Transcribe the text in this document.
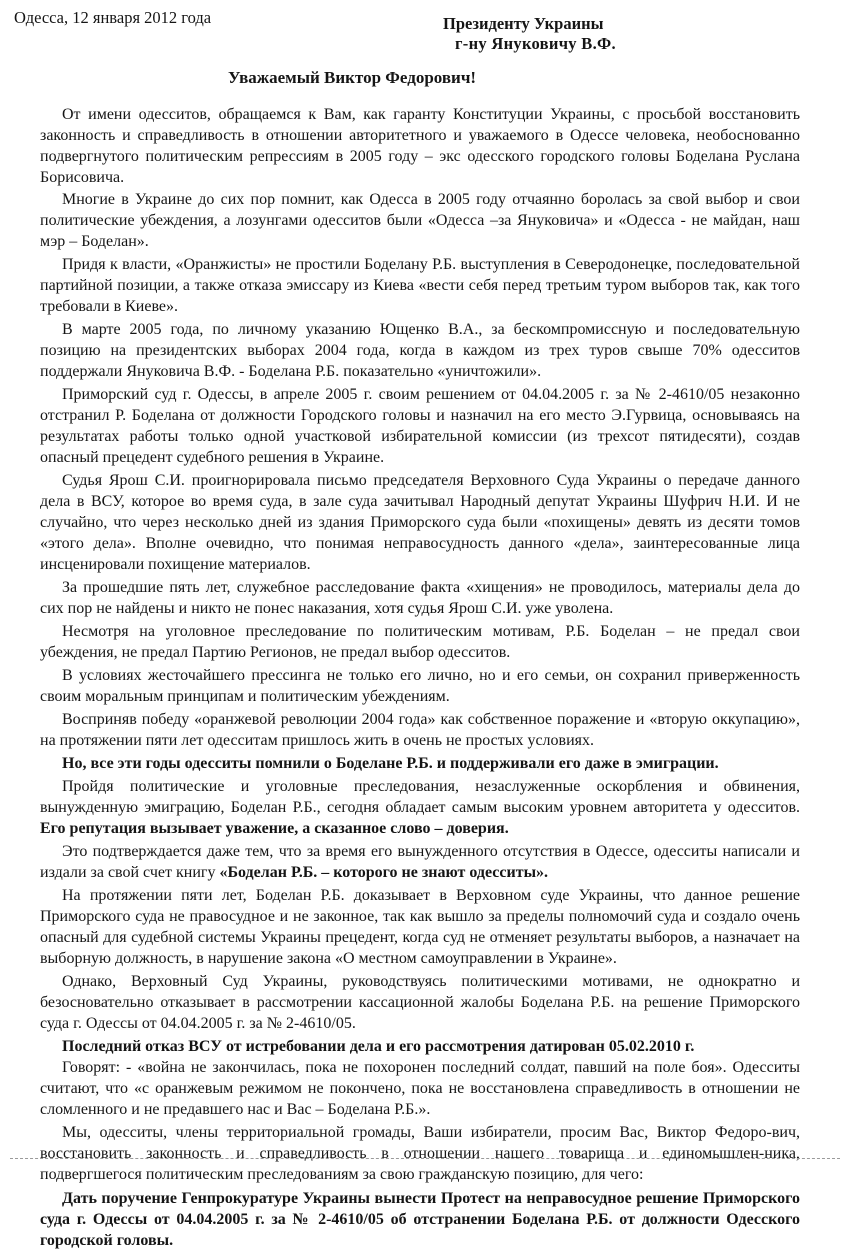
Одесса, 12 января 2012 года	Президенту Украины
г-ну Януковичу В.Ф.
Уважаемый Виктор Федорович!

От имени одесситов, обращаемся к Вам, как гаранту Конституции Украины, с просьбой восстановить законность и справедливость в отношении авторитетного и уважаемого в Одессе человека, необоснованно подвергнутого политическим репрессиям в 2005 году – экс одесского городского головы Боделана Руслана Борисовича.

Многие в Украине до сих пор помнит, как Одесса в 2005 году отчаянно боролась за свой выбор и свои политические убеждения, а лозунгами одесситов были «Одесса –за Януковича» и «Одесса - не майдан, наш мэр – Боделан».

Придя к власти, «Оранжисты» не простили Боделану Р.Б. выступления в Северодонецке, последовательной партийной позиции, а также отказа эмиссару из Киева «вести себя перед третьим туром выборов так, как того требовали в Киеве».

В марте 2005 года, по личному указанию Ющенко В.А., за бескомпромиссную и последовательную позицию на президентских выборах 2004 года, когда в каждом из трех туров свыше 70% одесситов поддержали Януковича В.Ф. - Боделана Р.Б. показательно «уничтожили».

Приморский суд г. Одессы, в апреле 2005 г. своим решением от 04.04.2005 г. за № 2-4610/05 незаконно отстранил Р. Боделана от должности Городского головы и назначил на его место Э.Гурвица, основываясь на результатах работы только одной участковой избирательной комиссии (из трехсот пятидесяти), создав опасный прецедент судебного решения в Украине.

Судья Ярош С.И. проигнорировала письмо председателя Верховного Суда Украины о передаче данного дела в ВСУ, которое во время суда, в зале суда зачитывал Народный депутат Украины Шуфрич Н.И. И не случайно, что через несколько дней из здания Приморского суда были «похищены» девять из десяти томов «этого дела». Вполне очевидно, что понимая неправосудность данного «дела», заинтересованные лица инсценировали похищение материалов.

За прошедшие пять лет, служебное расследование факта «хищения» не проводилось, материалы дела до сих пор не найдены и никто не понес наказания, хотя судья Ярош С.И. уже уволена.

Несмотря на уголовное преследование по политическим мотивам, Р.Б. Боделан – не предал свои убеждения, не предал Партию Регионов, не предал выбор одесситов.

В условиях жесточайшего прессинга не только его лично, но и его семьи, он сохранил приверженность своим моральным принципам и политическим убеждениям.

Восприняв победу «оранжевой революции 2004 года» как собственное поражение и «вторую оккупацию», на протяжении пяти лет одесситам пришлось жить в очень не простых условиях.

Но, все эти годы одесситы помнили о Боделане Р.Б. и поддерживали его даже в эмиграции.

Пройдя политические и уголовные преследования, незаслуженные оскорбления и обвинения, вынужденную эмиграцию, Боделан Р.Б., сегодня обладает самым высоким уровнем авторитета у одесситов. Его репутация вызывает уважение, а сказанное слово – доверия.

Это подтверждается даже тем, что за время его вынужденного отсутствия в Одессе, одесситы написали и издали за свой счет книгу «Боделан Р.Б. – которого не знают одесситы».

На протяжении пяти лет, Боделан Р.Б. доказывает в Верховном суде Украины, что данное решение Приморского суда не правосудное и не законное, так как вышло за пределы полномочий суда и создало очень опасный для судебной системы Украины прецедент, когда суд не отменяет результаты выборов, а назначает на выборную должность, в нарушение закона «О местном самоуправлении в Украине».

Однако, Верховный Суд Украины, руководствуясь политическими мотивами, не однократно и безосновательно отказывает в рассмотрении кассационной жалобы Боделана Р.Б. на решение Приморского суда г. Одессы от 04.04.2005 г. за № 2-4610/05.

Последний отказ ВСУ от истребовании дела и его рассмотрения датирован 05.02.2010 г.

Говорят: - «война не закончилась, пока не похоронен последний солдат, павший на поле боя». Одесситы считают, что «с оранжевым режимом не покончено, пока не восстановлена справедливость в отношении не сломленного и не предавшего нас и Вас – Боделана Р.Б.».

Мы, одесситы, члены территориальной громады, Ваши избиратели, просим Вас, Виктор Федоро-вич, восстановить законность и справедливость в отношении нашего товарища и единомышлен-ника, подвергшегося политическим преследованиям за свою гражданскую позицию, для чего:

Дать поручение Генпрокуратуре Украины вынести Протест на неправосудное решение Приморского суда г. Одессы от 04.04.2005 г. за № 2-4610/05 об отстранении Боделана Р.Б. от должности Одесского городской головы.
